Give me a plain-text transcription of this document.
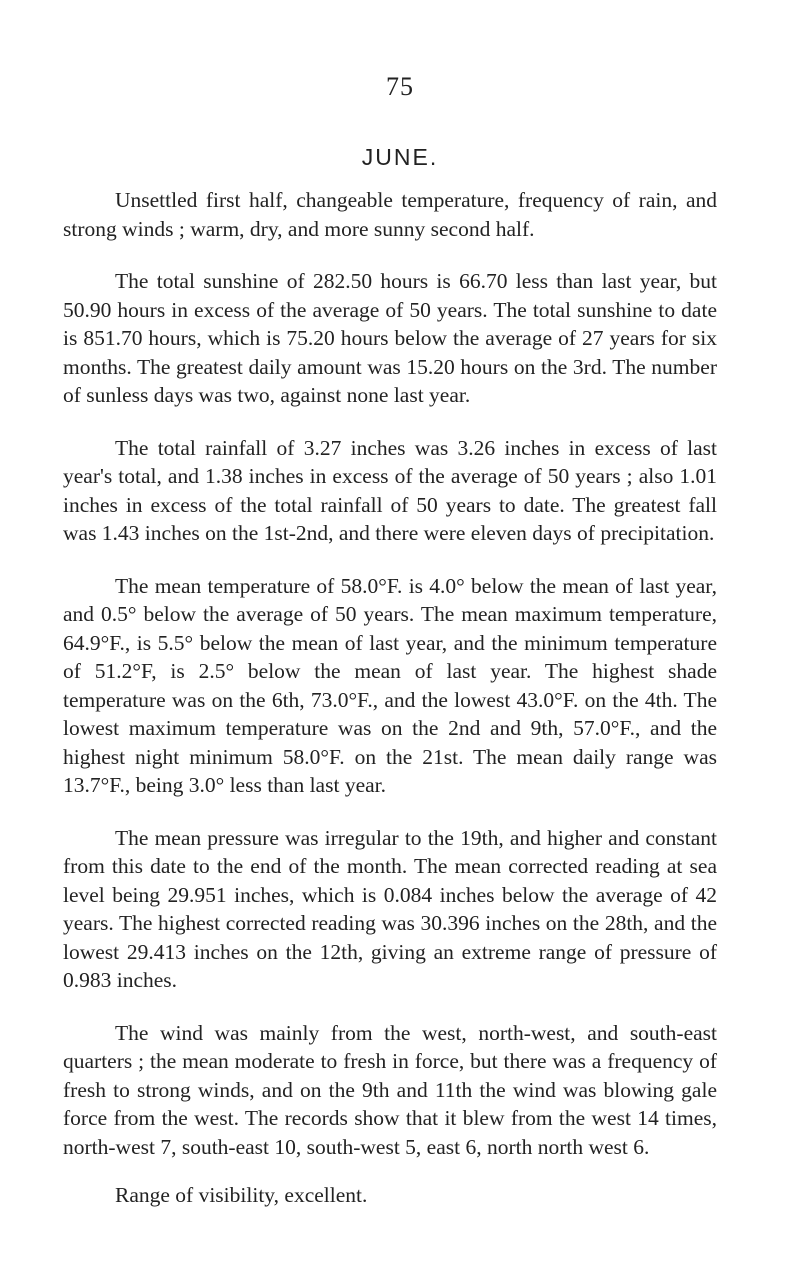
75
JUNE.

Unsettled first half, changeable temperature, frequency of rain, and strong winds ; warm, dry, and more sunny second half.

The total sunshine of 282.50 hours is 66.70 less than last year, but 50.90 hours in excess of the average of 50 years. The total sunshine to date is 851.70 hours, which is 75.20 hours below the average of 27 years for six months. The greatest daily amount was 15.20 hours on the 3rd. The number of sunless days was two, against none last year.

The total rainfall of 3.27 inches was 3.26 inches in excess of last year's total, and 1.38 inches in excess of the average of 50 years ; also 1.01 inches in excess of the total rainfall of 50 years to date. The greatest fall was 1.43 inches on the 1st-2nd, and there were eleven days of precipitation.

The mean temperature of 58.0°F. is 4.0° below the mean of last year, and 0.5° below the average of 50 years. The mean maximum temperature, 64.9°F., is 5.5° below the mean of last year, and the minimum temperature of 51.2°F, is 2.5° below the mean of last year. The highest shade temperature was on the 6th, 73.0°F., and the lowest 43.0°F. on the 4th. The lowest maximum temperature was on the 2nd and 9th, 57.0°F., and the highest night minimum 58.0°F. on the 21st. The mean daily range was 13.7°F., being 3.0° less than last year.

The mean pressure was irregular to the 19th, and higher and constant from this date to the end of the month. The mean corrected reading at sea level being 29.951 inches, which is 0.084 inches below the average of 42 years. The highest corrected reading was 30.396 inches on the 28th, and the lowest 29.413 inches on the 12th, giving an extreme range of pressure of 0.983 inches.

The wind was mainly from the west, north-west, and south-east quarters ; the mean moderate to fresh in force, but there was a frequency of fresh to strong winds, and on the 9th and 11th the wind was blowing gale force from the west. The records show that it blew from the west 14 times, north-west 7, south-east 10, south-west 5, east 6, north north west 6.

Range of visibility, excellent.
